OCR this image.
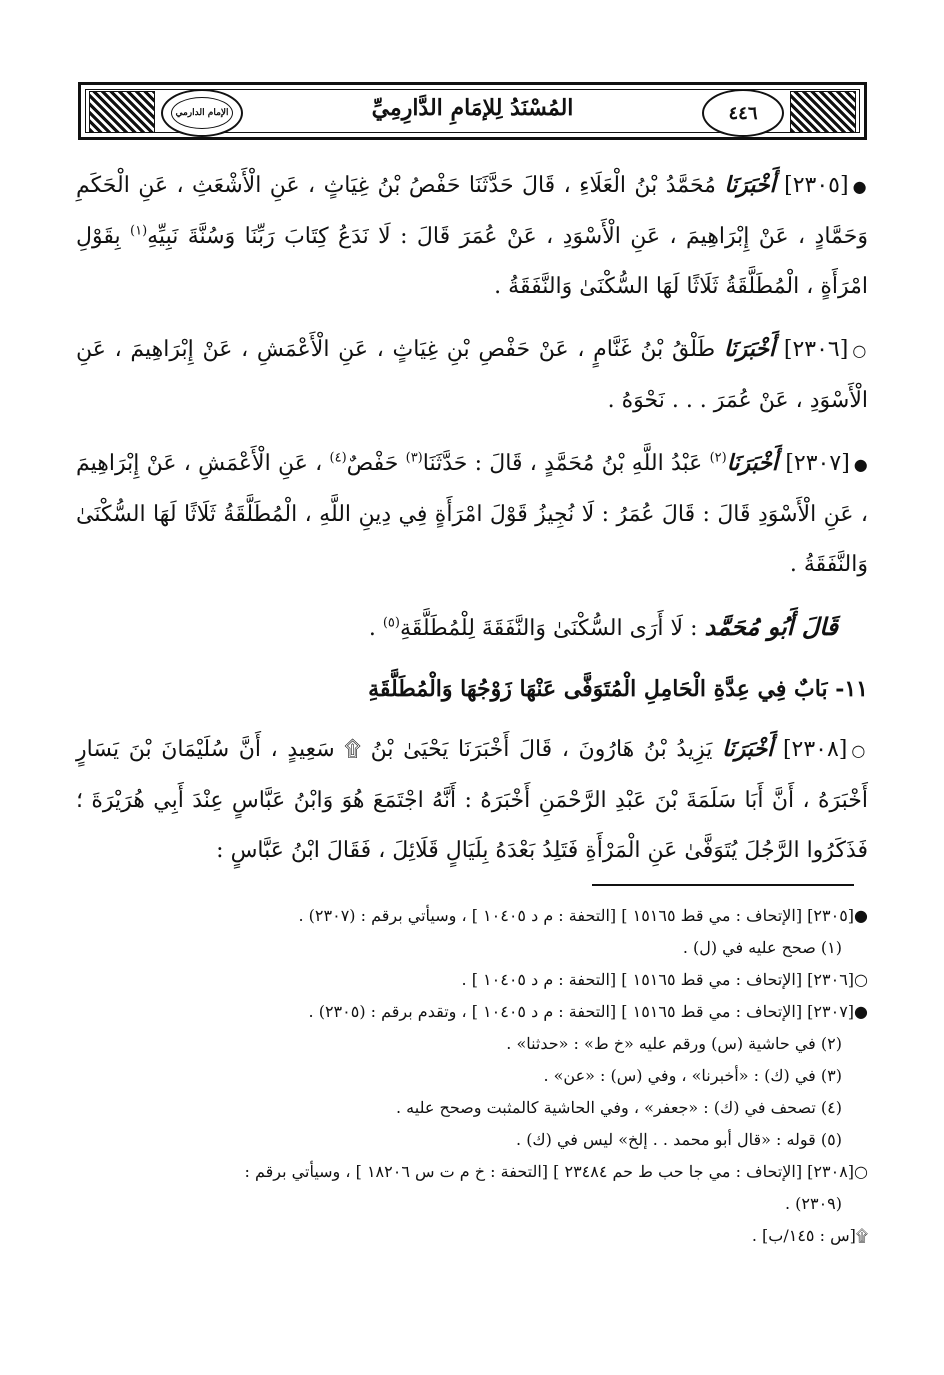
٤٤٦
الإمام الدارمي	المُسْنَدُ لِلإمَامِ الدَّارِمِيِّ

●[٢٣٠٥] أَخْبَرَنَا مُحَمَّدُ بْنُ الْعَلَاءِ ، قَالَ حَدَّثَنَا حَفْصُ بْنُ غِيَاثٍ ، عَنِ الْأَشْعَثِ ، عَنِ الْحَكَمِ وَحَمَّادٍ ، عَنْ إِبْرَاهِيمَ ، عَنِ الْأَسْوَدِ ، عَنْ عُمَرَ قَالَ : لَا نَدَعُ كِتَابَ رَبِّنَا وَسُنَّةَ نَبِيِّهِ$^{(١)}$ بِقَوْلِ امْرَأَةٍ ، الْمُطَلَّقَةُ ثَلَاثًا لَهَا السُّكْنَىٰ وَالنَّفَقَةُ .

○[٢٣٠٦] أَخْبَرَنَا طَلْقُ بْنُ غَنَّامٍ ، عَنْ حَفْصِ بْنِ غِيَاثٍ ، عَنِ الْأَعْمَشِ ، عَنْ إِبْرَاهِيمَ ، عَنِ الْأَسْوَدِ ، عَنْ عُمَرَ . . . نَحْوَهُ .

●[٢٣٠٧] أَخْبَرَنَا$^{(٢)}$ عَبْدُ اللَّهِ بْنُ مُحَمَّدٍ ، قَالَ : حَدَّثَنَا$^{(٣)}$ حَفْصٌ$^{(٤)}$ ، عَنِ الْأَعْمَشِ ، عَنْ إِبْرَاهِيمَ ، عَنِ الْأَسْوَدِ قَالَ : قَالَ عُمَرُ : لَا نُجِيزُ قَوْلَ امْرَأَةٍ فِي دِينِ اللَّهِ ، الْمُطَلَّقَةُ ثَلَاثًا لَهَا السُّكْنَىٰ وَالنَّفَقَةُ .

قَالَ أَبُو مُحَمَّد : لَا أَرَى السُّكْنَىٰ وَالنَّفَقَةَ لِلْمُطَلَّقَةِ$^{(٥)}$ .
١١- بَابٌ فِي عِدَّةِ الْحَامِلِ الْمُتَوَفَّى عَنْهَا زَوْجُهَا وَالْمُطَلَّقَةِ

○[٢٣٠٨] أَخْبَرَنَا يَزِيدُ بْنُ هَارُونَ ، قَالَ أَخْبَرَنَا يَحْيَىٰ بْنُ ۩ سَعِيدٍ ، أَنَّ سُلَيْمَانَ بْنَ يَسَارٍ أَخْبَرَهُ ، أَنَّ أَبَا سَلَمَةَ بْنَ عَبْدِ الرَّحْمَنِ أَخْبَرَهُ : أَنَّهُ اجْتَمَعَ هُوَ وَابْنُ عَبَّاسٍ عِنْدَ أَبِي هُرَيْرَةَ ؛ فَذَكَرُوا الرَّجُلَ يُتَوَفَّىٰ عَنِ الْمَرْأَةِ فَتَلِدُ بَعْدَهُ بِلَيَالٍ قَلَائِلَ ، فَقَالَ ابْنُ عَبَّاسٍ :

●[٢٣٠٥] [الإتحاف : مي قط ١٥١٦٥ ] [التحفة : م د ١٠٤٠٥ ] ، وسيأتي برقم : (٢٣٠٧) .
(١) صحح عليه في (ل) .
○[٢٣٠٦] [الإتحاف : مي قط ١٥١٦٥ ] [التحفة : م د ١٠٤٠٥ ] .
●[٢٣٠٧] [الإتحاف : مي قط ١٥١٦٥ ] [التحفة : م د ١٠٤٠٥ ] ، وتقدم برقم : (٢٣٠٥) .
(٢) في حاشية (س) ورقم عليه «خ ط» : «حدثنا» .
(٣) في (ك) : «أخبرنا» ، وفي (س) : «عن» .
(٤) تصحف في (ك) : «جعفر» ، وفي الحاشية كالمثبت وصحح عليه .
(٥) قوله : «قال أبو محمد . . إلخ» ليس في (ك) .
○[٢٣٠٨] [الإتحاف : مي جا حب ط حم ٢٣٤٨٤ ] [التحفة : خ م ت س ١٨٢٠٦ ] ، وسيأتي برقم :
(٢٣٠٩) .
۩[س : ١٤٥/ب] .
